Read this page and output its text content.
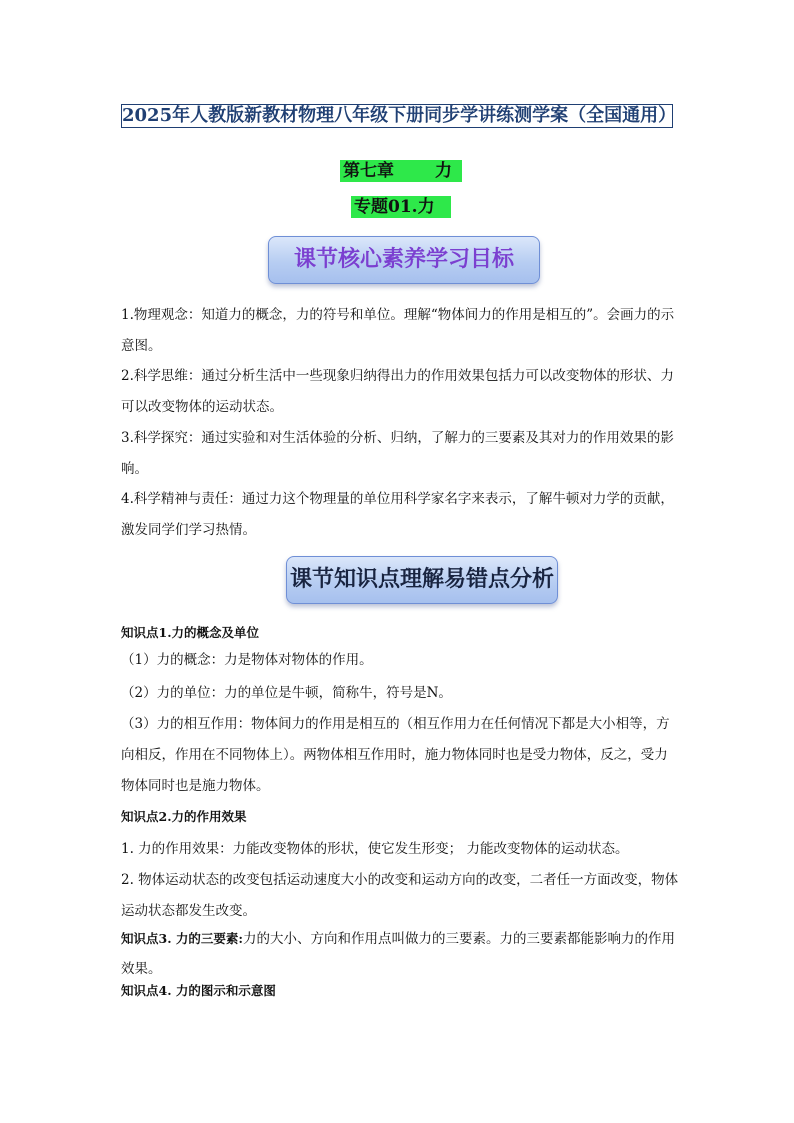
2025年人教版新教材物理八年级下册同步学讲练测学案（全国通用）
第七章 力
专题01.力
课节核心素养学习目标

1.物理观念：知道力的概念，力的符号和单位。理解“物体间力的作用是相互的”。会画力的示意图。

2.科学思维：通过分析生活中一些现象归纳得出力的作用效果包括力可以改变物体的形状、力可以改变物体的运动状态。

3.科学探究：通过实验和对生活体验的分析、归纳，了解力的三要素及其对力的作用效果的影响。

4.科学精神与责任：通过力这个物理量的单位用科学家名字来表示，了解牛顿对力学的贡献，激发同学们学习热情。

课节知识点理解易错点分析

知识点1.力的概念及单位

（1）力的概念：力是物体对物体的作用。

（2）力的单位：力的单位是牛顿，简称牛，符号是N。

（3）力的相互作用：物体间力的作用是相互的（相互作用力在任何情况下都是大小相等，方向相反，作用在不同物体上）。两物体相互作用时，施力物体同时也是受力物体，反之，受力物体同时也是施力物体。

知识点2.力的作用效果

1. 力的作用效果：力能改变物体的形状，使它发生形变； 力能改变物体的运动状态。

2. 物体运动状态的改变包括运动速度大小的改变和运动方向的改变，二者任一方面改变，物体运动状态都发生改变。

知识点3. 力的三要素:力的大小、方向和作用点叫做力的三要素。力的三要素都能影响力的作用效果。

知识点4. 力的图示和示意图
